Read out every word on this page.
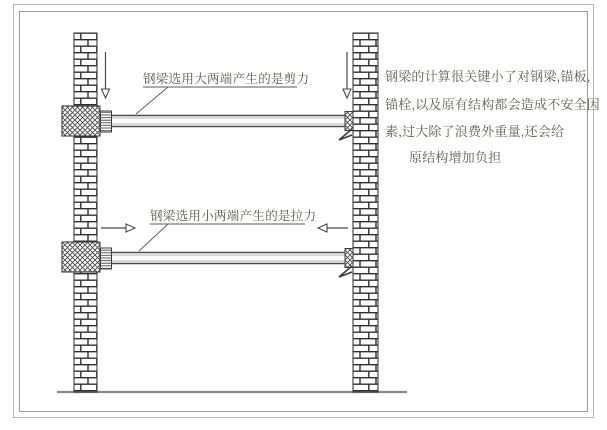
钢梁选用大两端产生的是剪力
钢梁选用小两端产生的是拉力
钢梁的计算很关键小了对钢梁,锚板,
锚栓,以及原有结构都会造成不安全因
素,过大除了浪费外重量,还会给
原结构增加负担
